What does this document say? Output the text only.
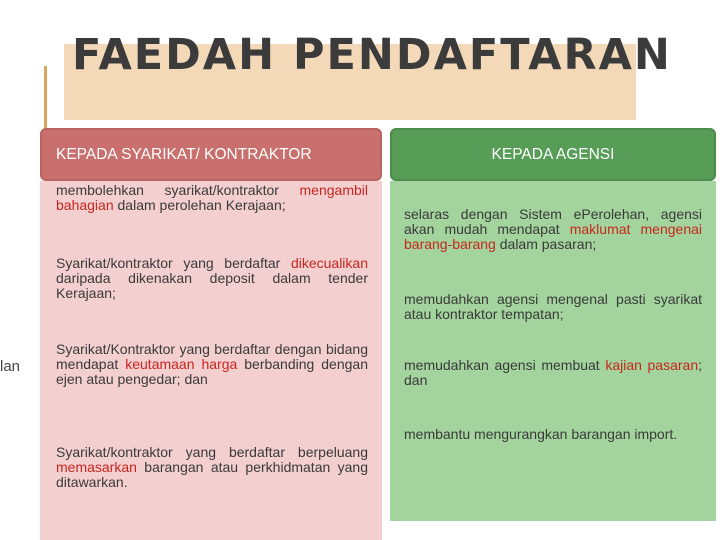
FAEDAH PENDAFTARAN
lan
KEPADA SYARIKAT/ KONTRAKTOR	KEPADA AGENSI
membolehkan syarikat/kontraktor mengambil bahagian dalam perolehan Kerajaan;
Syarikat/kontraktor yang berdaftar dikecualikan daripada dikenakan deposit dalam tender Kerajaan;
Syarikat/Kontraktor yang berdaftar dengan bidang mendapat keutamaan harga berbanding dengan ejen atau pengedar; dan
Syarikat/kontraktor yang berdaftar berpeluang memasarkan barangan atau perkhidmatan yang ditawarkan.
selaras dengan Sistem ePerolehan, agensi akan mudah mendapat maklumat mengenai barang-barang dalam pasaran;
memudahkan agensi mengenal pasti syarikat atau kontraktor tempatan;
memudahkan agensi membuat kajian pasaran; dan
membantu mengurangkan barangan import.
